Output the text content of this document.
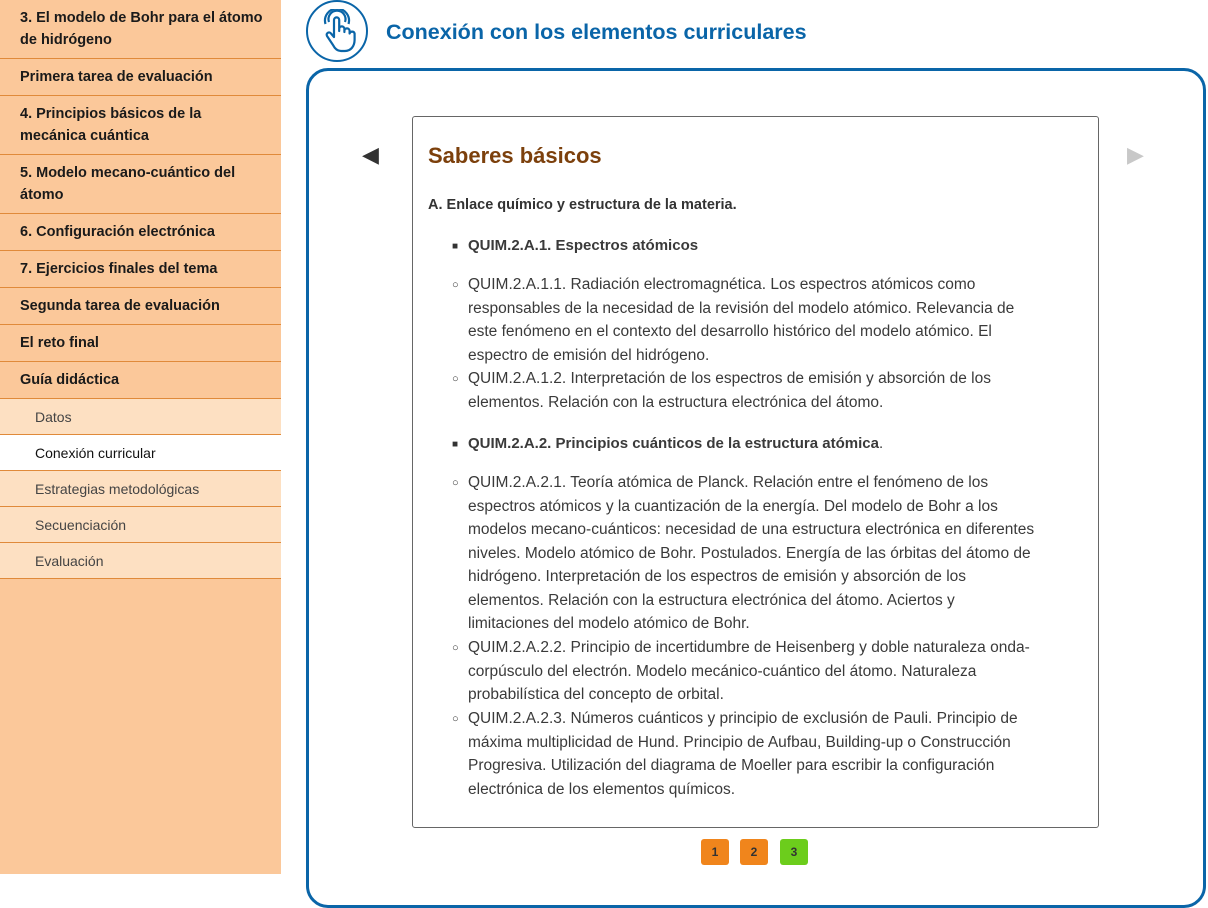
3. El modelo de Bohr para el átomo de hidrógeno
Primera tarea de evaluación
4. Principios básicos de la mecánica cuántica
5. Modelo mecano-cuántico del átomo
6. Configuración electrónica
7. Ejercicios finales del tema
Segunda tarea de evaluación
El reto final
Guía didáctica
Datos
Conexión curricular
Estrategias metodológicas
Secuenciación
Evaluación
Conexión con los elementos curriculares
◀	▶
Saberes básicos

A. Enlace químico y estructura de la materia.

■ QUIM.2.A.1. Espectros atómicos
○ QUIM.2.A.1.1. Radiación electromagnética. Los espectros atómicos como
responsables de la necesidad de la revisión del modelo atómico. Relevancia de
este fenómeno en el contexto del desarrollo histórico del modelo atómico. El
espectro de emisión del hidrógeno.
○ QUIM.2.A.1.2. Interpretación de los espectros de emisión y absorción de los
elementos. Relación con la estructura electrónica del átomo.
■ QUIM.2.A.2. Principios cuánticos de la estructura atómica.
○ QUIM.2.A.2.1. Teoría atómica de Planck. Relación entre el fenómeno de los
espectros atómicos y la cuantización de la energía. Del modelo de Bohr a los
modelos mecano-cuánticos: necesidad de una estructura electrónica en diferentes
niveles. Modelo atómico de Bohr. Postulados. Energía de las órbitas del átomo de
hidrógeno. Interpretación de los espectros de emisión y absorción de los
elementos. Relación con la estructura electrónica del átomo. Aciertos y
limitaciones del modelo atómico de Bohr.
○ QUIM.2.A.2.2. Principio de incertidumbre de Heisenberg y doble naturaleza onda-
corpúsculo del electrón. Modelo mecánico-cuántico del átomo. Naturaleza
probabilística del concepto de orbital.
○ QUIM.2.A.2.3. Números cuánticos y principio de exclusión de Pauli. Principio de
máxima multiplicidad de Hund. Principio de Aufbau, Building-up o Construcción
Progresiva. Utilización del diagrama de Moeller para escribir la configuración
electrónica de los elementos químicos.
1	2	3
